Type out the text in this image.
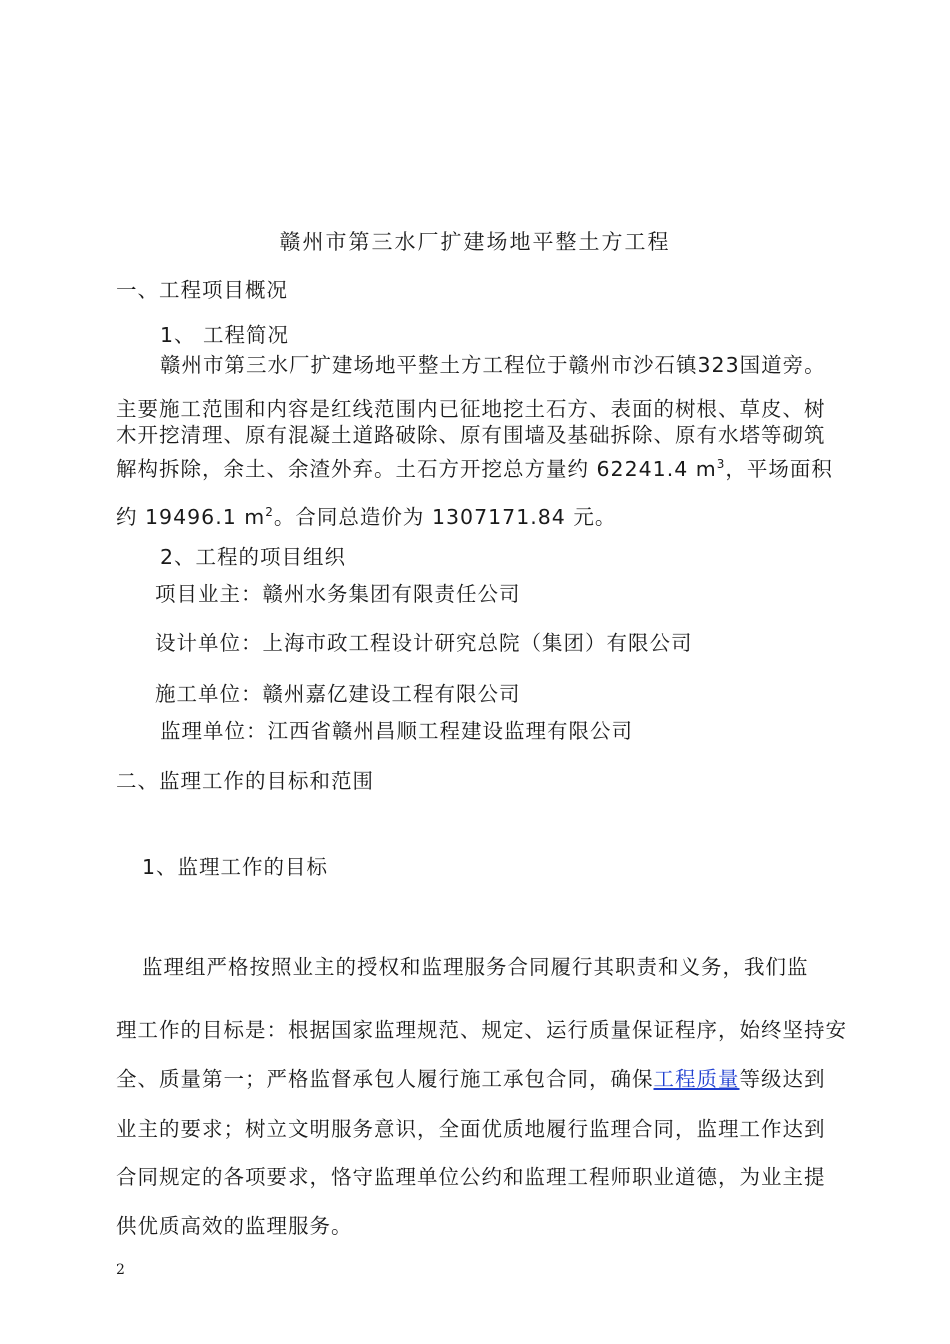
赣州市第三水厂扩建场地平整土方工程
一、工程项目概况
1、 工程简况
赣州市第三水厂扩建场地平整土方工程位于赣州市沙石镇323国道旁。
主要施工范围和内容是红线范围内已征地挖土石方、表面的树根、草皮、树
木开挖清理、原有混凝土道路破除、原有围墙及基础拆除、原有水塔等砌筑
解构拆除，余土、余渣外弃。土石方开挖总方量约 62241.4 $m^3$，平场面积
约 19496.1 $m^2$。合同总造价为 1307171.84 元。
2、工程的项目组织
项目业主：赣州水务集团有限责任公司
设计单位：上海市政工程设计研究总院（集团）有限公司
施工单位：赣州嘉亿建设工程有限公司
监理单位：江西省赣州昌顺工程建设监理有限公司
二、监理工作的目标和范围
1、监理工作的目标
监理组严格按照业主的授权和监理服务合同履行其职责和义务，我们监
理工作的目标是：根据国家监理规范、规定、运行质量保证程序，始终坚持安
全、质量第一；严格监督承包人履行施工承包合同，确保工程质量等级达到
业主的要求；树立文明服务意识，全面优质地履行监理合同，监理工作达到
合同规定的各项要求，恪守监理单位公约和监理工程师职业道德，为业主提
供优质高效的监理服务。
2
